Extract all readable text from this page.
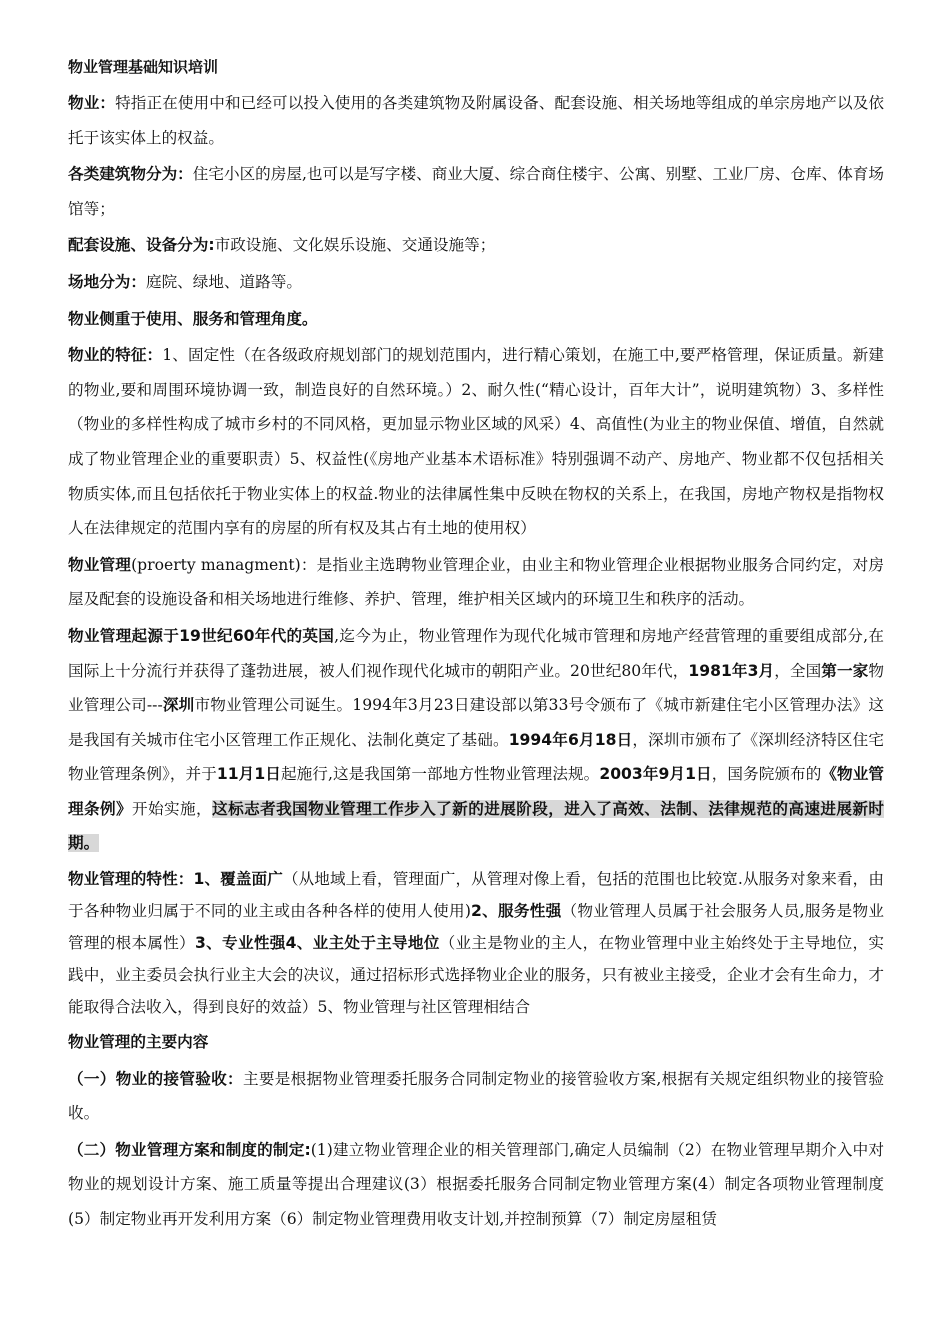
物业管理基础知识培训

物业：特指正在使用中和已经可以投入使用的各类建筑物及附属设备、配套设施、相关场地等组成的单宗房地产以及依托于该实体上的权益。

各类建筑物分为：住宅小区的房屋,也可以是写字楼、商业大厦、综合商住楼宇、公寓、别墅、工业厂房、仓库、体育场馆等；

配套设施、设备分为:市政设施、文化娱乐设施、交通设施等；

场地分为：庭院、绿地、道路等。

物业侧重于使用、服务和管理角度。

物业的特征：1、固定性（在各级政府规划部门的规划范围内，进行精心策划，在施工中,要严格管理，保证质量。新建的物业,要和周围环境协调一致，制造良好的自然环境。）2、耐久性(“精心设计，百年大计”，说明建筑物）3、多样性（物业的多样性构成了城市乡村的不同风格，更加显示物业区域的风采）4、高值性(为业主的物业保值、增值，自然就成了物业管理企业的重要职责）5、权益性(《房地产业基本术语标准》特别强调不动产、房地产、物业都不仅包括相关物质实体,而且包括依托于物业实体上的权益.物业的法律属性集中反映在物权的关系上，在我国，房地产物权是指物权人在法律规定的范围内享有的房屋的所有权及其占有土地的使用权）

物业管理(proerty managment)：是指业主选聘物业管理企业，由业主和物业管理企业根据物业服务合同约定，对房屋及配套的设施设备和相关场地进行维修、养护、管理，维护相关区域内的环境卫生和秩序的活动。

物业管理起源于19世纪60年代的英国,迄今为止，物业管理作为现代化城市管理和房地产经营管理的重要组成部分,在国际上十分流行并获得了蓬勃进展，被人们视作现代化城市的朝阳产业。20世纪80年代，1981年3月，全国第一家物业管理公司---深圳市物业管理公司诞生。1994年3月23日建设部以第33号令颁布了《城市新建住宅小区管理办法》这是我国有关城市住宅小区管理工作正规化、法制化奠定了基础。1994年6月18日，深圳市颁布了《深圳经济特区住宅物业管理条例》，并于11月1日起施行,这是我国第一部地方性物业管理法规。2003年9月1日，国务院颁布的《物业管理条例》开始实施，这标志者我国物业管理工作步入了新的进展阶段，进入了高效、法制、法律规范的高速进展新时期。

物业管理的特性：1、覆盖面广（从地域上看，管理面广，从管理对像上看，包括的范围也比较宽.从服务对象来看，由于各种物业归属于不同的业主或由各种各样的使用人使用)2、服务性强（物业管理人员属于社会服务人员,服务是物业管理的根本属性）3、专业性强4、业主处于主导地位（业主是物业的主人，在物业管理中业主始终处于主导地位，实践中，业主委员会执行业主大会的决议，通过招标形式选择物业企业的服务，只有被业主接受，企业才会有生命力，才能取得合法收入，得到良好的效益）5、物业管理与社区管理相结合

物业管理的主要内容

（一）物业的接管验收：主要是根据物业管理委托服务合同制定物业的接管验收方案,根据有关规定组织物业的接管验收。

（二）物业管理方案和制度的制定:(1)建立物业管理企业的相关管理部门,确定人员编制（2）在物业管理早期介入中对物业的规划设计方案、施工质量等提出合理建议(3）根据委托服务合同制定物业管理方案(4）制定各项物业管理制度(5）制定物业再开发利用方案（6）制定物业管理费用收支计划,并控制预算（7）制定房屋租赁
